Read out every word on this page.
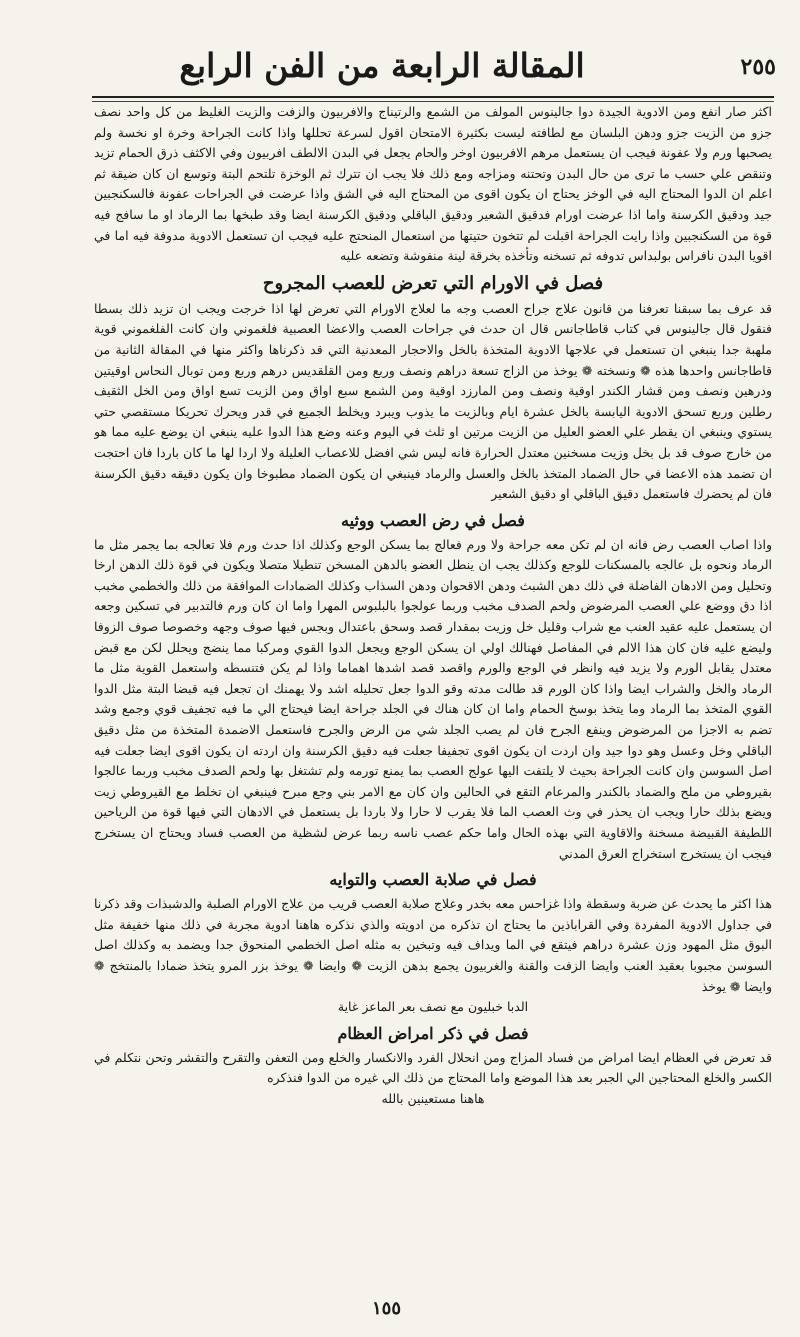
المقالة الرابعة من الفن الرابع	٢٥٥

اكثر صار انفع ومن الادوية الجيدة دوا جالينوس المولف من الشمع والرتيناج والافربيون والزفت والزيت الغليظ من كل واحد نصف جزو من الزيت جزو ودهن البلسان مع لطافته ليست بكثيرة الامتحان اقول لسرعة تحللها واذا كانت الجراحة وخرة او نخسة ولم يصحبها ورم ولا عفونة فيجب ان يستعمل مرهم الافربيون اوخر والحام يجعل في البدن الالطف افربيون وفي الاكثف ذرق الحمام تزيد وتنقص علي حسب ما ترى من حال البدن وتحتنه ومزاجه ومع ذلك فلا يجب ان تترك ثم الوخزة تلتحم البتة وتوسع ان كان ضيقة ثم اعلم ان الدوا المحتاج اليه في الوخز يحتاج ان يكون اقوى من المحتاج اليه في الشق واذا عرضت في الجراحات عفونة فالسكنجبين جيد ودقيق الكرسنة واما اذا عرضت اورام فدقيق الشعير ودقيق الباقلي ودقيق الكرسنة ايضا وقد طبخها بما الرماد او ما سافج فيه قوة من السكنجبين واذا رايت الجراحة اقبلت لم تتخون حتيتها من استعمال المنحتج عليه فيجب ان تستعمل الادوية مدوفة فيه اما في اقويا البدن نافراس بولبداس تدوفه ثم تسخنه وتأخذه بخرقة لينة منفوشة وتضعه عليه

فصل في الاورام التي تعرض للعصب المجروح

قد عرف بما سبقنا تعرفنا من قانون علاج جراح العصب وجه ما لعلاج الاورام التي تعرض لها اذا خرجت ويجب ان تزيد ذلك بسطا فنقول قال جالينوس في كتاب قاطاجانس قال ان حدث في جراحات العصب والاعضا العصبية فلغموني وان كانت الفلغموني قوية ملهبة جدا ينبغي ان تستعمل في علاجها الادوية المتخذة بالخل والاحجار المعدنية التي قد ذكرناها واكثر منها في المقالة الثانية من قاطاجانس واحدها هذه ❁ ونسخته ❁ يوخذ من الزاج تسعة دراهم ونصف وربع ومن القلقديس درهم وربع ومن توبال النحاس اوقيتين ودرهين ونصف ومن قشار الكندر اوقية ونصف ومن المارزد اوقية ومن الشمع سبع اواق ومن الزيت تسع اواق ومن الخل الثقيف رطلين وربع تسحق الادوية اليابسة بالخل عشرة ايام وبالزيت ما يذوب ويبرد ويخلط الجميع في قدر ويحرك تحريكا مستقصي حتي يستوي وينبغي ان يقطر علي العضو العليل من الزيت مرتين او ثلث في اليوم وعنه وضع هذا الدوا عليه ينبغي ان يوضع عليه مما هو من خارج صوف قد بل بخل وزيت مسخنين معتدل الحرارة فانه ليس شي افضل للاعصاب العليلة ولا اردا لها ما كان باردا فان احتجت ان تضمد هذه الاعضا في حال الضماد المتخذ بالخل والعسل والرماد فينبغي ان يكون الضماد مطبوخا وان يكون دقيقه دقيق الكرسنة فان لم يحضرك فاستعمل دقيق الباقلي او دقيق الشعير

فصل في رض العصب ووثيه

واذا اصاب العصب رض فانه ان لم تكن معه جراحة ولا ورم فعالج بما يسكن الوجع وكذلك اذا حدث ورم فلا تعالجه بما يجمر مثل ما الرماد ونحوه بل عالجه بالمسكنات للوجع وكذلك يجب ان ينطل العضو بالدهن المسخن تنطيلا متصلا ويكون في قوة ذلك الدهن ارخا وتحليل ومن الادهان الفاضلة في ذلك دهن الشبث ودهن الاقحوان ودهن السذاب وكذلك الضمادات الموافقة من ذلك والخطمي مخبب اذا دق ووضع علي العصب المرضوض ولحم الصدف مخبب وربما عولجوا بالبلبوس المهرا واما ان كان ورم فالتدبير في تسكين وجعه ان يستعمل عليه عقيد العنب مع شراب وقليل خل وزيت بمقدار قصد وسحق باعتدال وبجس فيها صوف وجهه وخصوصا صوف الزوفا وليضع عليه فان كان هذا الالم في المفاصل فهنالك اولي ان يسكن الوجع ويجعل الدوا القوي ومركبا مما ينضج ويحلل لكن مع قبض معتدل يقابل الورم ولا يزيد فيه وانظر في الوجع والورم واقصد قصد اشدها اهماما واذا لم يكن فتنسطه واستعمل القوية مثل ما الرماد والخل والشراب ايضا واذا كان الورم قد طالت مدته وقو الدوا جعل تحليله اشد ولا يهمنك ان تجعل فيه قبضا البتة مثل الدوا القوي المتخذ بما الرماد وما يتخذ بوسخ الحمام واما ان كان هناك في الجلد جراحة ايضا فيحتاج الي ما فيه تجفيف قوي وجمع وشد تضم به الاجزا من المرضوض وينفع الجرح فان لم يصب الجلد شي من الرض والجرح فاستعمل الاضمدة المتخذة من مثل دقيق الباقلي وخل وعسل وهو دوا جيد وان اردت ان يكون اقوى تجفيفا جعلت فيه دقيق الكرسنة وان اردته ان يكون اقوى ايضا جعلت فيه اصل السوسن وان كانت الجراحة بحيث لا يلتفت اليها عولج العصب بما يمنع تورمه ولم تشتغل بها ولحم الصدف مخبب وربما عالجوا بقيروطي من ملح والضماد بالكندر والمرعام التقع في الحالين وان كان مع الامر بني وجع مبرح فينبغي ان تخلط مع القيروطي زيت ويضع بذلك حارا ويجب ان يحذر في وث العصب الما فلا يقرب لا حارا ولا باردا بل يستعمل في الادهان التي فيها قوة من الرياحين اللطيفة القبيضة مسخنة والاقاوية التي بهذه الحال واما حكم عصب ناسه ربما عرض لشظية من العصب فساد ويحتاج ان يستخرج فيجب ان يستخرج استخراج العرق المدني

فصل في صلابة العصب والتوايه

هذا اكثر ما يحدث عن ضربة وسقطة واذا غزاحس معه بخدر وعلاج صلابة العصب قريب من علاج الاورام الصلبة والدشبذات وقد ذكرنا في جداول الادوية المفردة وفي القراباذين ما يحتاج ان تذكره من ادويته والذي نذكره هاهنا ادوية مجربة في ذلك منها خفيفة مثل البوق مثل المهود وزن عشرة دراهم فيتقع في الما ويداف فيه وتبخين به مثله اصل الخطمي المنحوق جدا ويضمد به وكذلك اصل السوسن مجبوبا بعقيد العنب وايضا الزفت والقنة والغربيون يجمع بدهن الزيت ❁ وايضا ❁ يوخذ بزر المرو يتخذ ضمادا بالمنتخج ❁ وايضا ❁ يوخذ

الدبا خبليون مع نصف بعر الماعز غاية

فصل في ذكر امراض العظام

قد تعرض في العظام ايضا امراض من فساد المزاج ومن انحلال الفرد والانكسار والخلع ومن التعفن والتقرح والتقشر وتحن نتكلم في الكسر والخلع المحتاجين الي الجبر بعد هذا الموضع واما المحتاج من ذلك الي غيره من الدوا فنذكره

هاهنا مستعينين بالله

١٥٥
